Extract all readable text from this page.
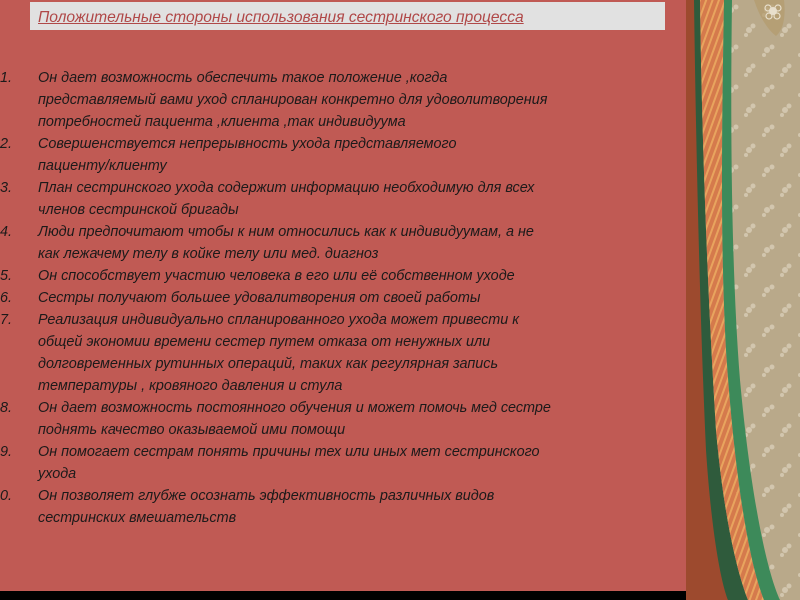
Положительные стороны использования сестринского процесса
1.	Он дает возможность обеспечить такое положение ,когда
представляемый вами уход спланирован конкретно для удоволитворения
потребностей пациента ,клиента ,так индивидуума
2.	Совершенствуется непрерывность ухода представляемого
пациенту/клиенту
3.	План сестринского ухода содержит информацию необходимую для всех
членов сестринской бригады
4.	Люди предпочитают чтобы к ним относились как к индивидуумам, а не
как лежачему телу в койке телу или мед. диагноз
5.	Он способствует участию человека в его или её собственном уходе
6.	Сестры получают большее удовалитворения от своей работы
7.	Реализация индивидуально спланированного ухода может привести к
общей экономии времени сестер путем отказа от ненужных или
долговременных рутинных операций, таких как регулярная запись
температуры , кровяного давления и стула
8.	Он дает возможность постоянного обучения и может помочь мед сестре
поднять качество оказываемой ими помощи
9.	Он помогает сестрам понять причины тех или иных мет сестринского
ухода
0.	Он позволяет глубже осознать эффективность различных видов
сестринских вмешательств
